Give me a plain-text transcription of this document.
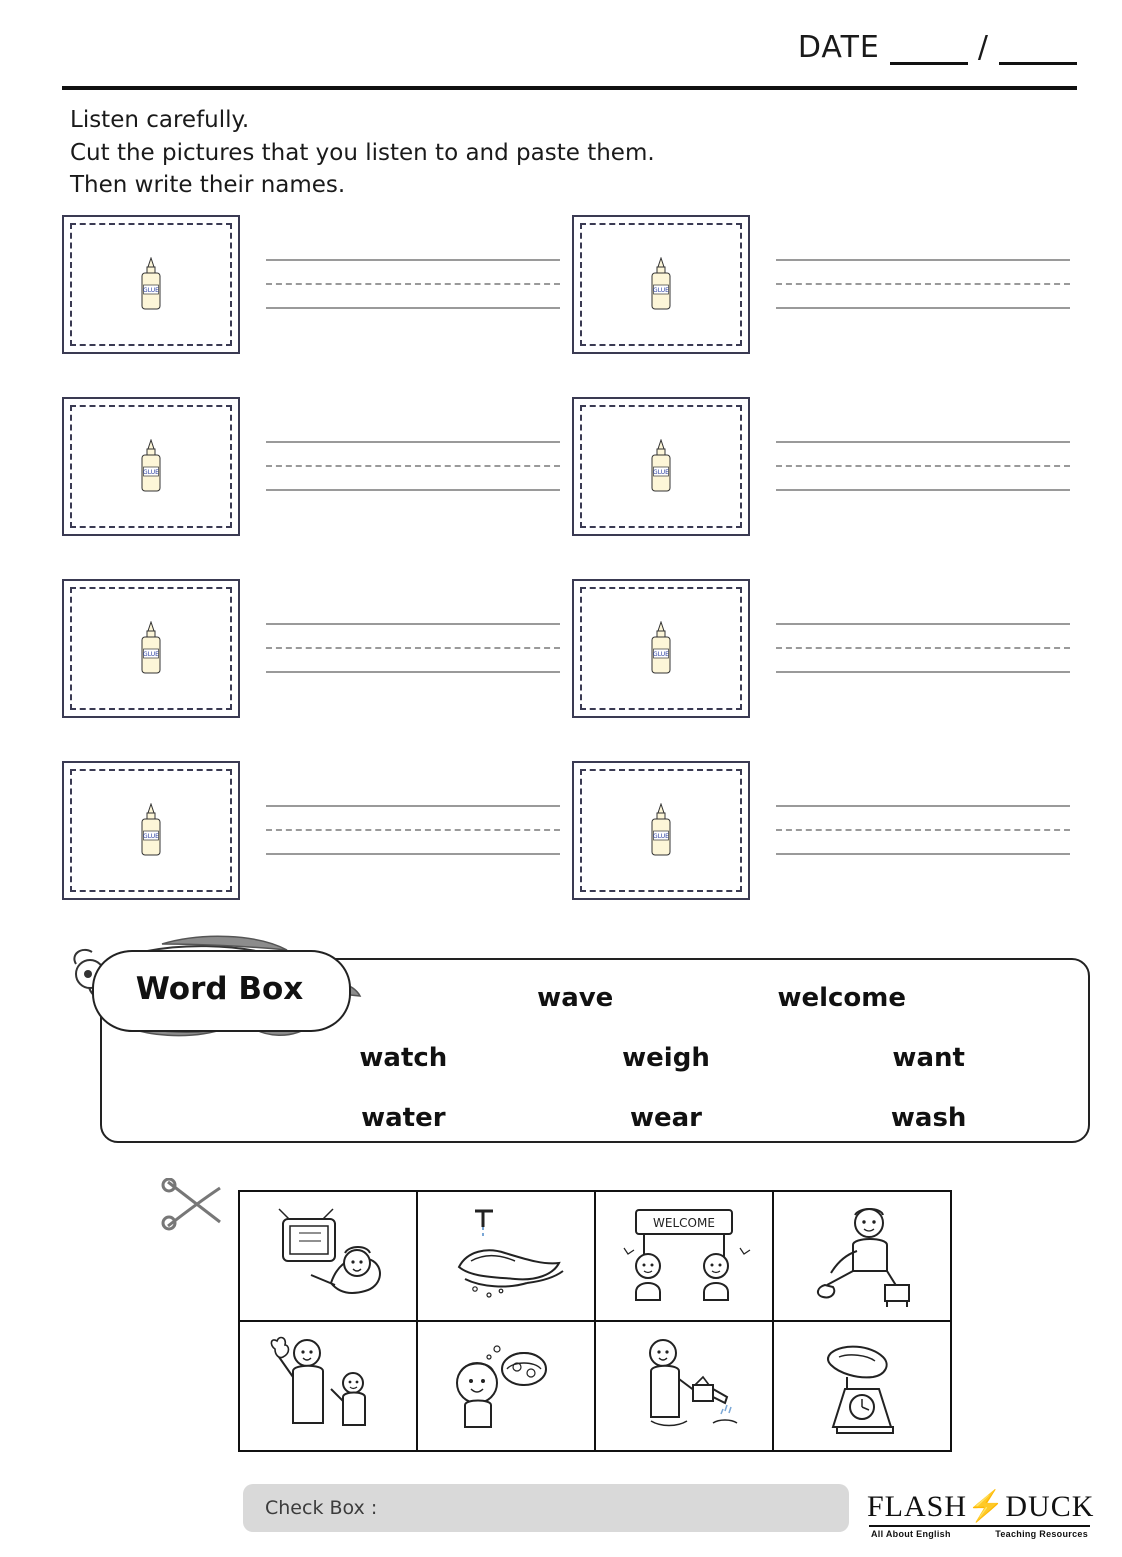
DATE	/
Listen carefully.
Cut the pictures that you listen to and paste them.
Then write their names.
GLUE	GLUE
GLUE	GLUE
GLUE	GLUE
GLUE	GLUE
Word Box	wave	welcome
watch	weigh	want
water	wear	wash
WELCOME
Check Box :	FLASH⚡DUCK
All About English	Teaching Resources
